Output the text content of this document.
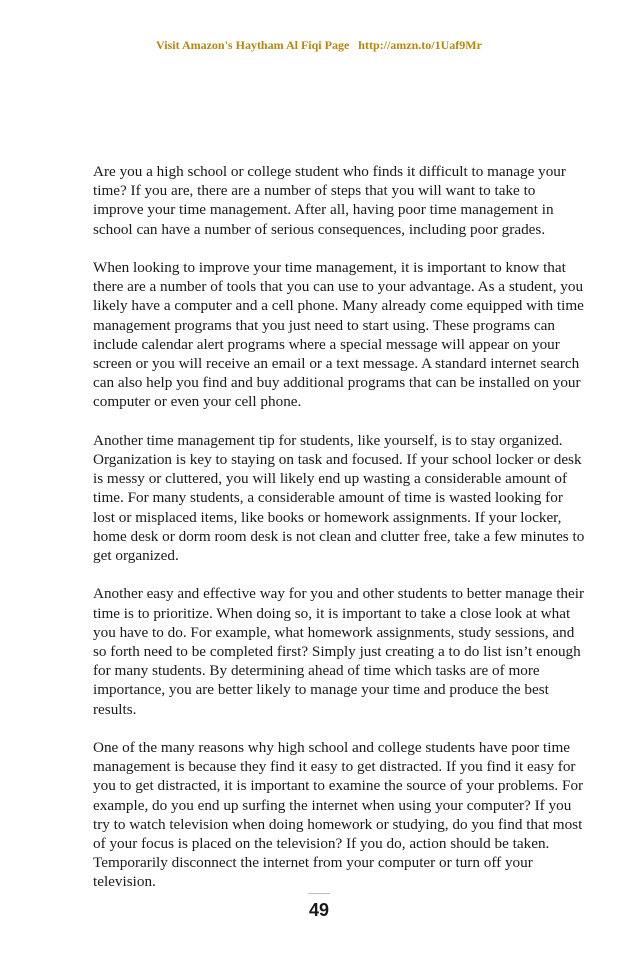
Visit Amazon's Haytham Al Fiqi Page http://amzn.to/1Uaf9Mr

Are you a high school or college student who finds it difficult to manage your time? If you are, there are a number of steps that you will want to take to improve your time management. After all, having poor time management in school can have a number of serious consequences, including poor grades.

When looking to improve your time management, it is important to know that there are a number of tools that you can use to your advantage. As a student, you likely have a computer and a cell phone. Many already come equipped with time management programs that you just need to start using. These programs can include calendar alert programs where a special message will appear on your screen or you will receive an email or a text message. A standard internet search can also help you find and buy additional programs that can be installed on your computer or even your cell phone.

Another time management tip for students, like yourself, is to stay organized. Organization is key to staying on task and focused. If your school locker or desk is messy or cluttered, you will likely end up wasting a considerable amount of time. For many students, a considerable amount of time is wasted looking for lost or misplaced items, like books or homework assignments. If your locker, home desk or dorm room desk is not clean and clutter free, take a few minutes to get organized.

Another easy and effective way for you and other students to better manage their time is to prioritize. When doing so, it is important to take a close look at what you have to do. For example, what homework assignments, study sessions, and so forth need to be completed first? Simply just creating a to do list isn’t enough for many students. By determining ahead of time which tasks are of more importance, you are better likely to manage your time and produce the best results.

One of the many reasons why high school and college students have poor time management is because they find it easy to get distracted. If you find it easy for you to get distracted, it is important to examine the source of your problems. For example, do you end up surfing the internet when using your computer? If you try to watch television when doing homework or studying, do you find that most of your focus is placed on the television? If you do, action should be taken. Temporarily disconnect the internet from your computer or turn off your television.

49
